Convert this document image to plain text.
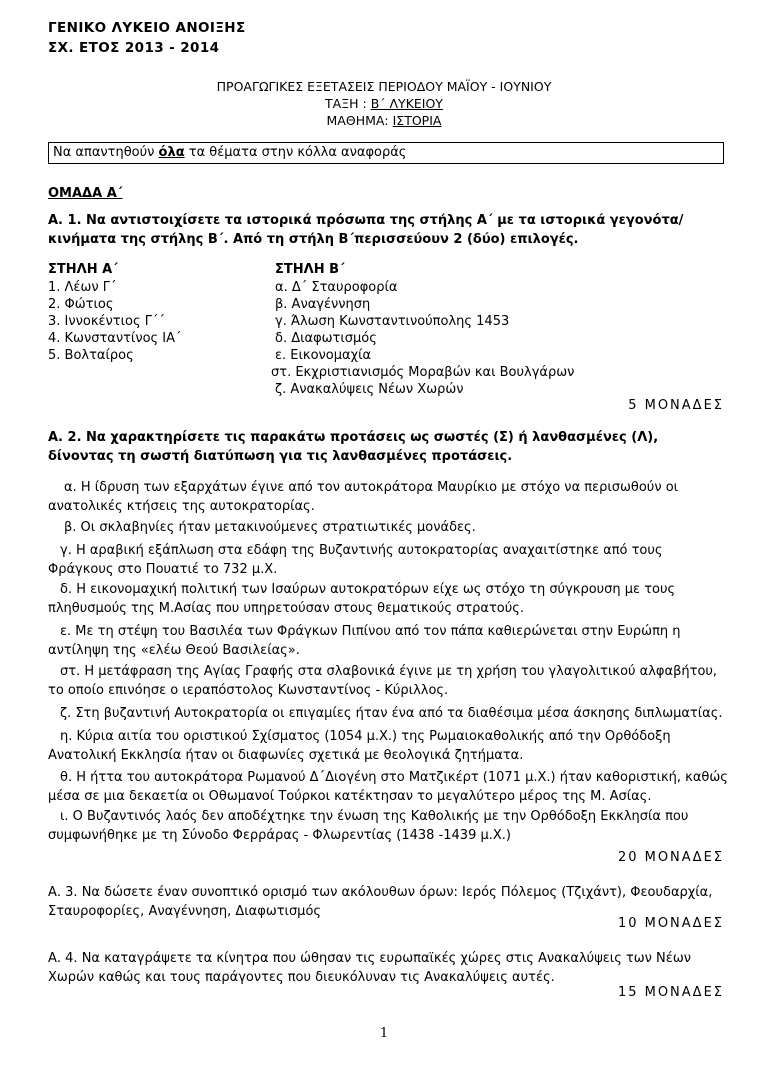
ΓΕΝΙΚΟ ΛΥΚΕΙΟ ΑΝΟΙΞΗΣ
ΣΧ. ΕΤΟΣ 2013 - 2014
ΠΡΟΑΓΩΓΙΚΕΣ ΕΞΕΤΑΣΕΙΣ ΠΕΡΙΟΔΟΥ ΜΑΪΟΥ - ΙΟΥΝΙΟΥ
ΤΑΞΗ : Β΄ ΛΥΚΕΙΟΥ
ΜΑΘΗΜΑ: ΙΣΤΟΡΙΑ
Να απαντηθούν όλα τα θέματα στην κόλλα αναφοράς
ΟΜΑΔΑ Α΄
Α. 1. Να αντιστοιχίσετε τα ιστορικά πρόσωπα της στήλης Α΄ με τα ιστορικά γεγονότα/κινήματα της στήλης Β΄. Από τη στήλη Β΄περισσεύουν 2 (δύο) επιλογές.
ΣΤΗΛΗ Α΄	ΣΤΗΛΗ Β΄
1. Λέων Γ΄
2. Φώτιος
3. Ιννοκέντιος Γ΄΄
4. Κωνσταντίνος ΙΑ΄
5. Βολταίρος
α. Δ΄ Σταυροφορία
β. Αναγέννηση
γ. Άλωση Κωνσταντινούπολης 1453
δ. Διαφωτισμός
ε. Εικονομαχία
στ. Εκχριστιανισμός Μοραβών και Βουλγάρων
ζ. Ανακαλύψεις Νέων Χωρών
5 ΜΟΝΑΔΕΣ
Α. 2. Να χαρακτηρίσετε τις παρακάτω προτάσεις ως σωστές (Σ) ή λανθασμένες (Λ), δίνοντας τη σωστή διατύπωση για τις λανθασμένες προτάσεις.
α. Η ίδρυση των εξαρχάτων έγινε από τον αυτοκράτορα Μαυρίκιο με στόχο να περισωθούν οι ανατολικές κτήσεις της αυτοκρατορίας.
β. Οι σκλαβηνίες ήταν μετακινούμενες στρατιωτικές μονάδες.
γ. Η αραβική εξάπλωση στα εδάφη της Βυζαντινής αυτοκρατορίας αναχαιτίστηκε από τους Φράγκους στο Πουατιέ το 732 μ.Χ.
δ. Η εικονομαχική πολιτική των Ισαύρων αυτοκρατόρων είχε ως στόχο τη σύγκρουση με τους πληθυσμούς της Μ.Ασίας που υπηρετούσαν στους θεματικούς στρατούς.
ε. Με τη στέψη του Βασιλέα των Φράγκων Πιπίνου από τον πάπα καθιερώνεται στην Ευρώπη η αντίληψη της «ελέω Θεού Βασιλείας».
στ. Η μετάφραση της Αγίας Γραφής στα σλαβονικά έγινε με τη χρήση του γλαγολιτικού αλφαβήτου, το οποίο επινόησε ο ιεραπόστολος Κωνσταντίνος - Κύριλλος.
ζ. Στη βυζαντινή Αυτοκρατορία οι επιγαμίες ήταν ένα από τα διαθέσιμα μέσα άσκησης διπλωματίας.
η. Κύρια αιτία του οριστικού Σχίσματος (1054 μ.Χ.) της Ρωμαιοκαθολικής από την Ορθόδοξη Ανατολική Εκκλησία ήταν οι διαφωνίες σχετικά με θεολογικά ζητήματα.
θ. Η ήττα του αυτοκράτορα Ρωμανού Δ΄Διογένη στο Ματζικέρτ (1071 μ.Χ.) ήταν καθοριστική, καθώς μέσα σε μια δεκαετία οι Οθωμανοί Τούρκοι κατέκτησαν το μεγαλύτερο μέρος της Μ. Ασίας.
ι. Ο Βυζαντινός λαός δεν αποδέχτηκε την ένωση της Καθολικής με την Ορθόδοξη Εκκλησία που συμφωνήθηκε με τη Σύνοδο Φερράρας - Φλωρεντίας (1438 -1439 μ.Χ.)
20 ΜΟΝΑΔΕΣ
Α. 3. Να δώσετε έναν συνοπτικό ορισμό των ακόλουθων όρων: Ιερός Πόλεμος (Τζιχάντ), Φεουδαρχία, Σταυροφορίες, Αναγέννηση, Διαφωτισμός
10 ΜΟΝΑΔΕΣ
Α. 4. Να καταγράψετε τα κίνητρα που ώθησαν τις ευρωπαϊκές χώρες στις Ανακαλύψεις των Νέων Χωρών καθώς και τους παράγοντες που διευκόλυναν τις Ανακαλύψεις αυτές.
15 ΜΟΝΑΔΕΣ
1
